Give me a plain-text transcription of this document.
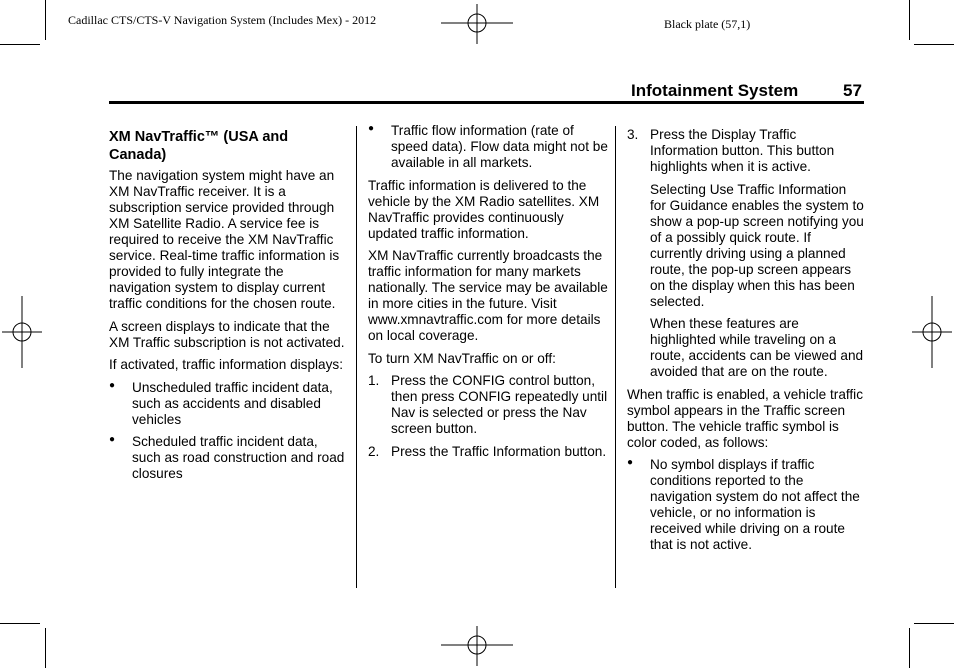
Cadillac CTS/CTS-V Navigation System (Includes Mex) - 2012	Black plate (57,1)
Infotainment System	57
XM NavTraffic™ (USA and Canada)

The navigation system might have an XM NavTraffic receiver. It is a subscription service provided through XM Satellite Radio. A service fee is required to receive the XM NavTraffic service. Real-time traffic information is provided to fully integrate the navigation system to display current traffic conditions for the chosen route.

A screen displays to indicate that the XM Traffic subscription is not activated.

If activated, traffic information displays:

● Unscheduled traffic incident data, such as accidents and disabled vehicles
● Scheduled traffic incident data, such as road construction and road closures
● Traffic flow information (rate of speed data). Flow data might not be available in all markets.

Traffic information is delivered to the vehicle by the XM Radio satellites. XM NavTraffic provides continuously updated traffic information.

XM NavTraffic currently broadcasts the traffic information for many markets nationally. The service may be available in more cities in the future. Visit www.xmnavtraffic.com for more details on local coverage.

To turn XM NavTraffic on or off:

1. Press the CONFIG control button, then press CONFIG repeatedly until Nav is selected or press the Nav screen button.
2. Press the Traffic Information button.
3. Press the Display Traffic Information button. This button highlights when it is active.
Selecting Use Traffic Information for Guidance enables the system to show a pop-up screen notifying you of a possibly quick route. If currently driving using a planned route, the pop-up screen appears on the display when this has been selected.
When these features are highlighted while traveling on a route, accidents can be viewed and avoided that are on the route.

When traffic is enabled, a vehicle traffic symbol appears in the Traffic screen button. The vehicle traffic symbol is color coded, as follows:

● No symbol displays if traffic conditions reported to the navigation system do not affect the vehicle, or no information is received while driving on a route that is not active.
